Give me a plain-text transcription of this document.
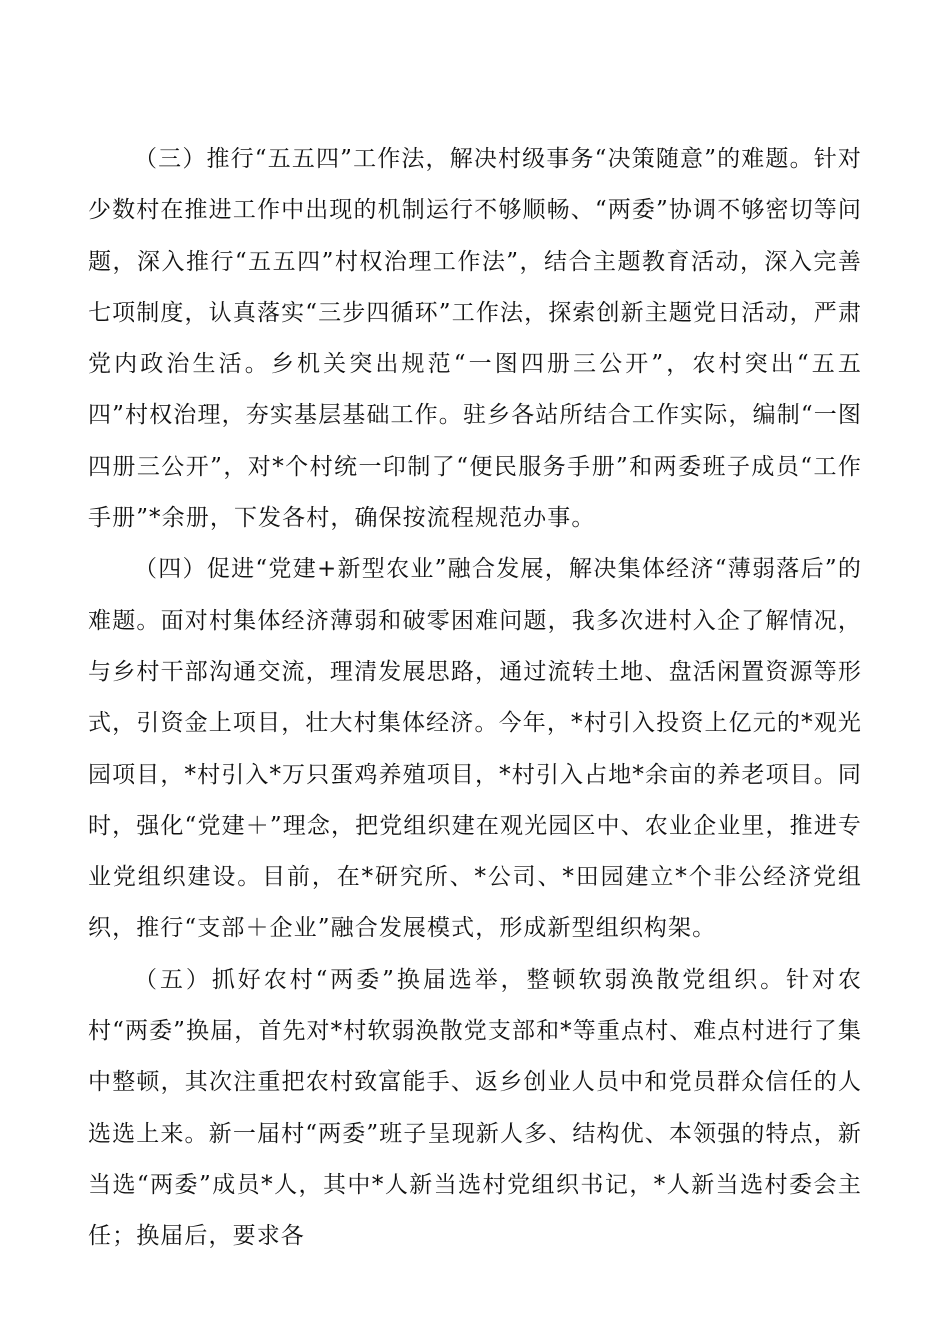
（三）推行“五五四”工作法，解决村级事务“决策随意”的难题。针对少数村在推进工作中出现的机制运行不够顺畅、“两委”协调不够密切等问题，深入推行“五五四”村权治理工作法”，结合主题教育活动，深入完善七项制度，认真落实“三步四循环”工作法，探索创新主题党日活动，严肃党内政治生活。乡机关突出规范“一图四册三公开”，农村突出“五五四”村权治理，夯实基层基础工作。驻乡各站所结合工作实际，编制“一图四册三公开”，对*个村统一印制了“便民服务手册”和两委班子成员“工作手册”*余册，下发各村，确保按流程规范办事。

（四）促进“党建+新型农业”融合发展，解决集体经济“薄弱落后”的难题。面对村集体经济薄弱和破零困难问题，我多次进村入企了解情况，与乡村干部沟通交流，理清发展思路，通过流转土地、盘活闲置资源等形式，引资金上项目，壮大村集体经济。今年，*村引入投资上亿元的*观光园项目，*村引入*万只蛋鸡养殖项目，*村引入占地*余亩的养老项目。同时，强化“党建＋”理念，把党组织建在观光园区中、农业企业里，推进专业党组织建设。目前，在*研究所、*公司、*田园建立*个非公经济党组织，推行“支部＋企业”融合发展模式，形成新型组织构架。

（五）抓好农村“两委”换届选举，整顿软弱涣散党组织。针对农村“两委”换届，首先对*村软弱涣散党支部和*等重点村、难点村进行了集中整顿，其次注重把农村致富能手、返乡创业人员中和党员群众信任的人选选上来。新一届村“两委”班子呈现新人多、结构优、本领强的特点，新当选“两委”成员*人，其中*人新当选村党组织书记，*人新当选村委会主任；换届后，要求各
